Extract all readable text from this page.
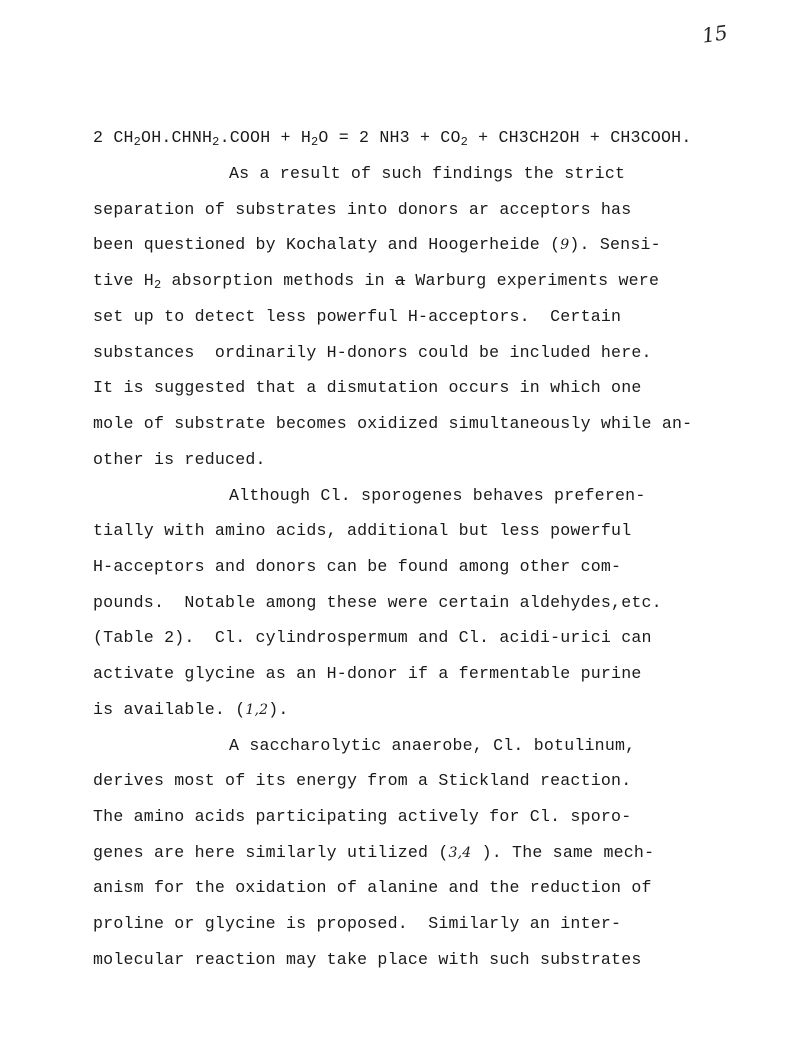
15
2 $CH_2OH.CHNH_2.COOH + H_2O = 2$ $NH3 + CO_2 + CH3CH2OH$ + CH3COOH.
As a result of such findings the strict
separation of substrates into donors ar acceptors has
been questioned by Kochalaty and Hoogerheide (9). Sensi-
tive $H_2$ absorption methods in a Warburg experiments were
set up to detect less powerful H-acceptors.  Certain
substances  ordinarily H-donors could be included here.
It is suggested that a dismutation occurs in which one
mole of substrate becomes oxidized simultaneously while an-
other is reduced.
Although Cl. sporogenes behaves preferen-
tially with amino acids, additional but less powerful
H-acceptors and donors can be found among other com-
pounds.  Notable among these were certain aldehydes,etc.
(Table 2).  Cl. cylindrospermum and Cl. acidi-urici can
activate glycine as an H-donor if a fermentable purine
is available. (1,2).
A saccharolytic anaerobe, Cl. botulinum,
derives most of its energy from a Stickland reaction.
The amino acids participating actively for Cl. sporo-
genes are here similarly utilized (3,4 ). The same mech-
anism for the oxidation of alanine and the reduction of
proline or glycine is proposed.  Similarly an inter-
molecular reaction may take place with such substrates
